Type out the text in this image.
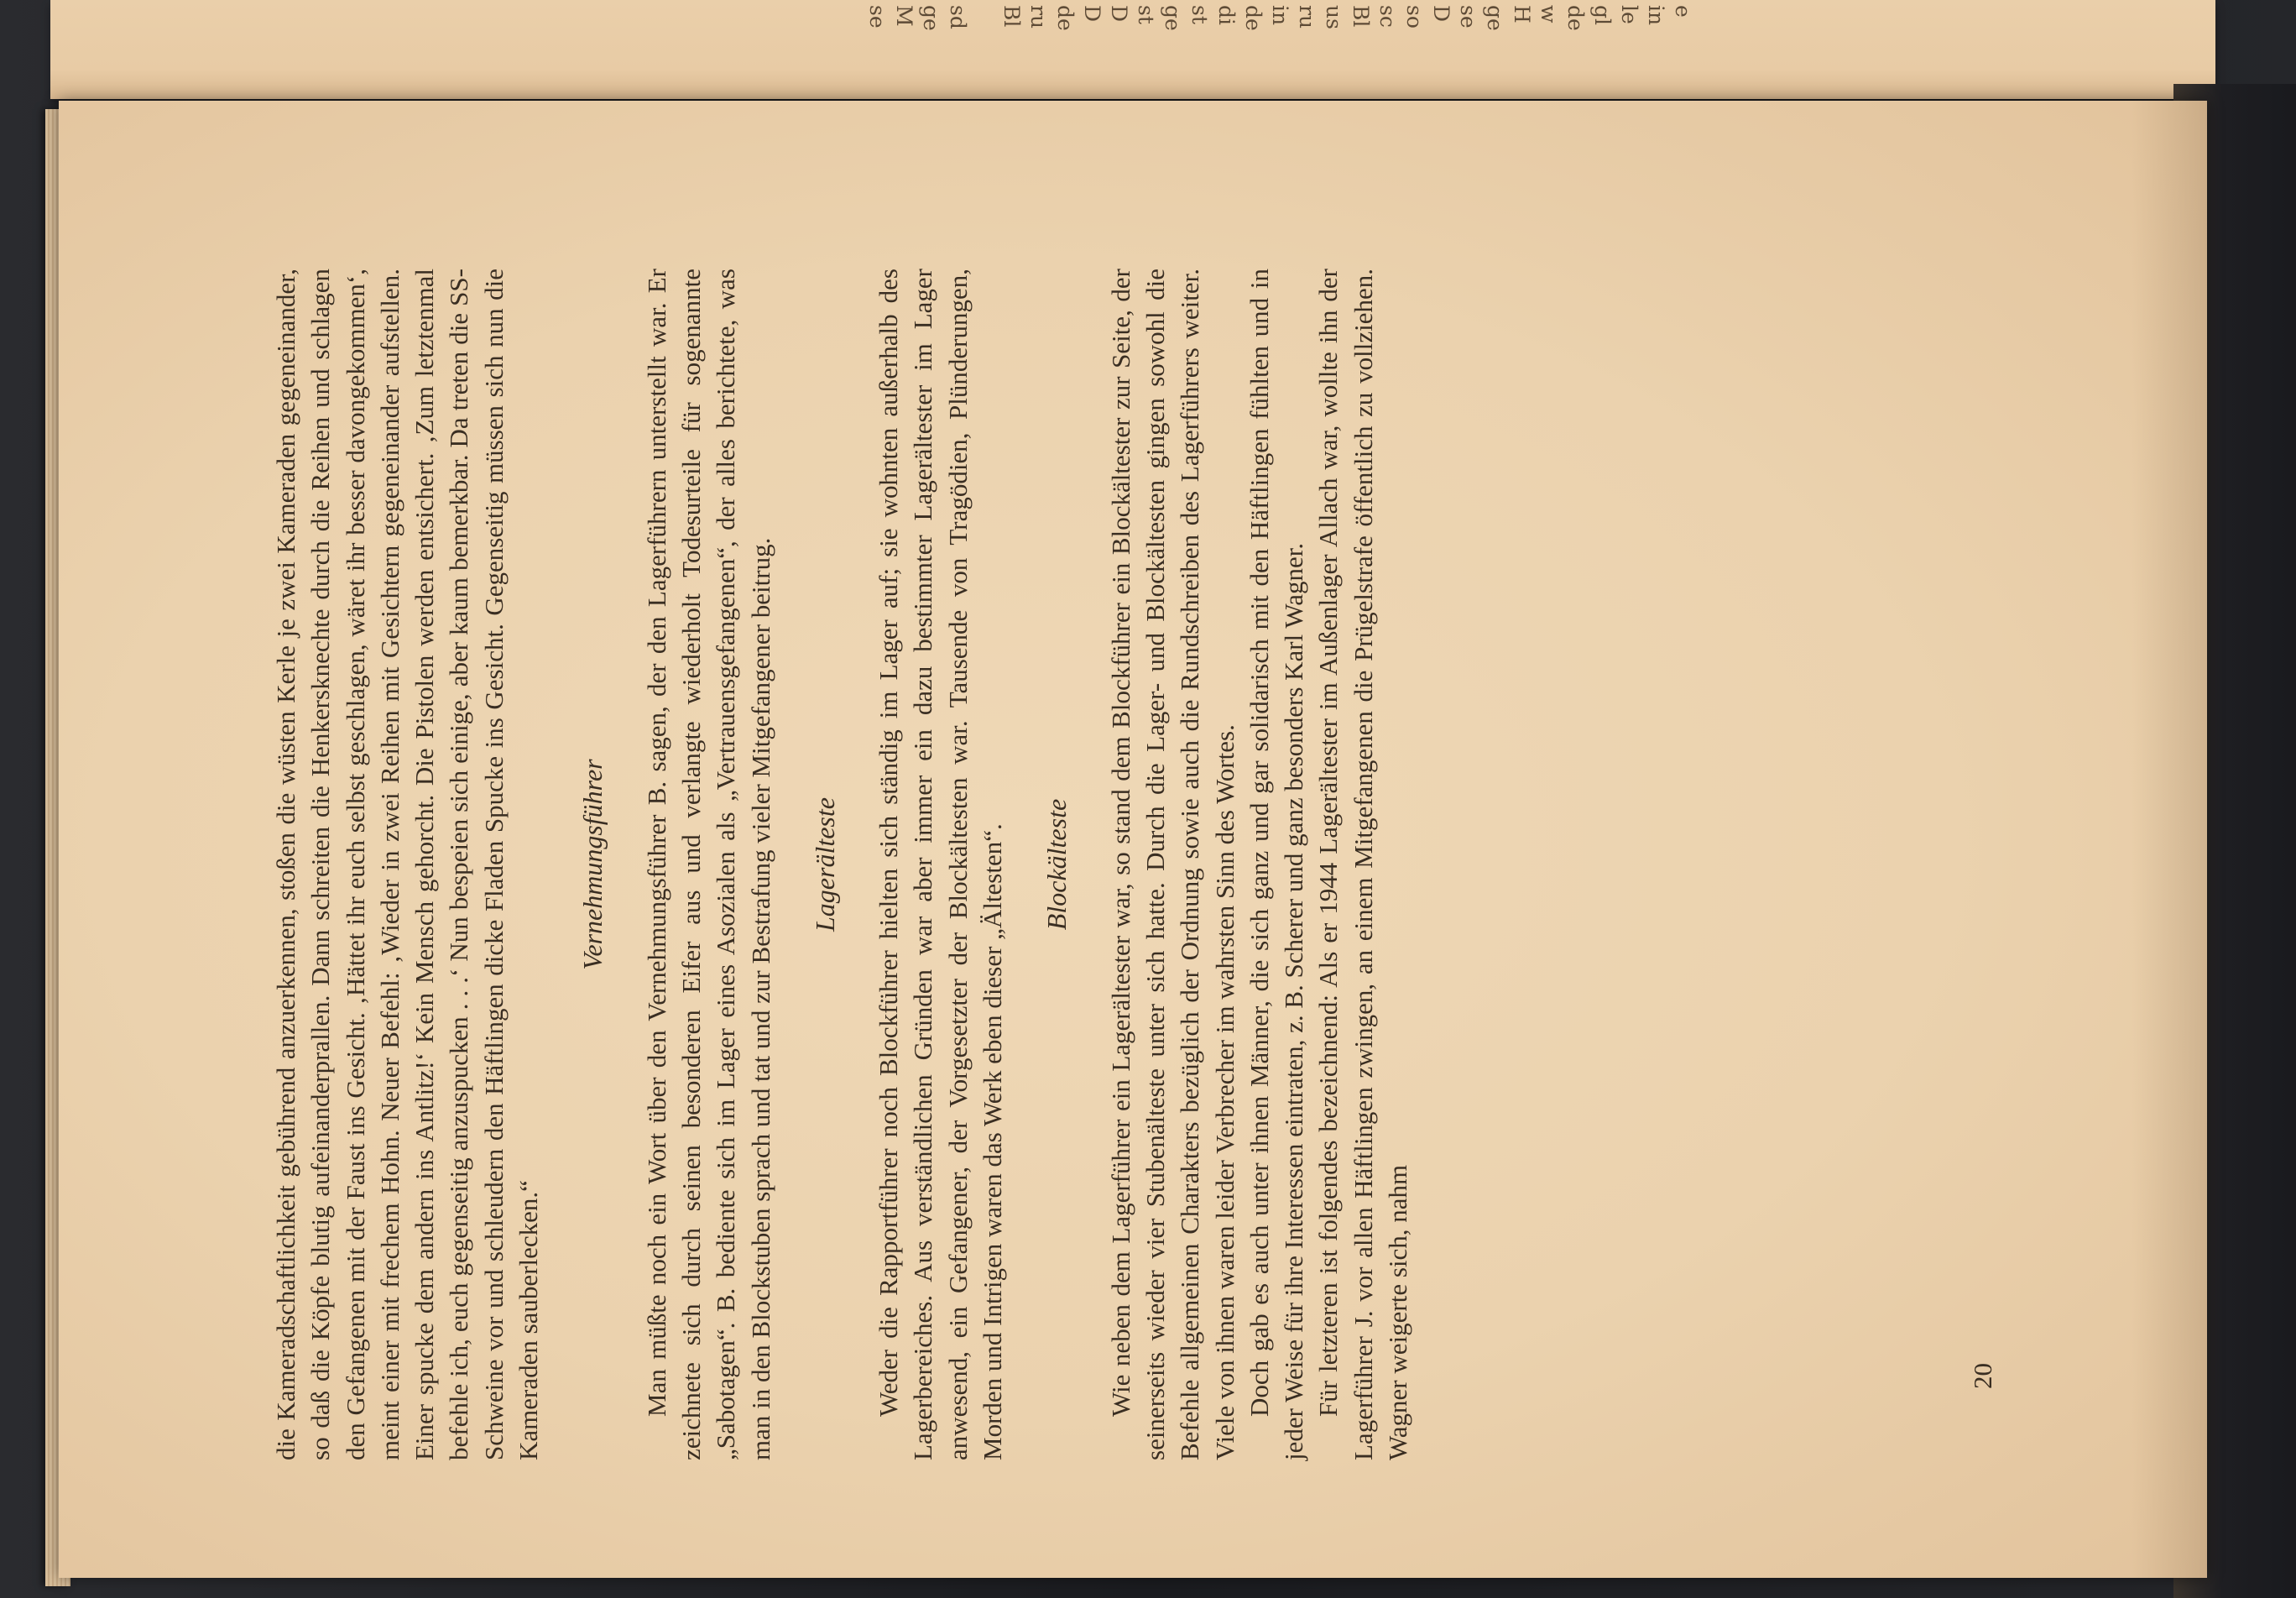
se M ge sd Bl ru de D D st ge st di de in ru us Bl sc so D se ge H w de gl le in e

die Kameradschaftlichkeit gebührend anzuerkennen, stoßen die wüsten Kerle je zwei Kameraden gegeneinander, so daß die Köpfe blutig aufeinanderprallen. Dann schreiten die Henkersknechte durch die Reihen und schlagen den Gefangenen mit der Faust ins Gesicht. ‚Hättet ihr euch selbst geschlagen, wäret ihr besser davongekommen‘, meint einer mit frechem Hohn. Neuer Befehl: ‚Wieder in zwei Reihen mit Gesichtern gegeneinander aufstellen. Einer spucke dem andern ins Antlitz!‘ Kein Mensch gehorcht. Die Pistolen werden entsichert. ‚Zum letztenmal befehle ich, euch gegenseitig anzuspucken . . .‘ Nun bespeien sich einige, aber kaum bemerkbar. Da treten die SS-Schweine vor und schleudern den Häftlingen dicke Fladen Spucke ins Gesicht. Gegenseitig müssen sich nun die Kameraden sauberlecken.“

Vernehmungsführer Man müßte noch ein Wort über den Vernehmungsführer B. sagen, der den Lagerführern unterstellt war. Er zeichnete sich durch seinen besonderen Eifer aus und verlangte wiederholt Todesurteile für sogenannte „Sabotagen“. B. bediente sich im Lager eines Asozialen als „Vertrauensgefangenen“, der alles berichtete, was man in den Blockstuben sprach und tat und zur Bestrafung vieler Mitgefangener beitrug. Lagerälteste Weder die Rapportführer noch Blockführer hielten sich ständig im Lager auf; sie wohnten außerhalb des Lagerbereiches. Aus verständlichen Gründen war aber immer ein dazu bestimmter Lagerältester im Lager anwesend, ein Gefangener, der Vorgesetzter der Blockältesten war. Tausende von Tragödien, Plünderungen, Morden und Intrigen waren das Werk eben dieser „Ältesten“. Blockälteste Wie neben dem Lagerführer ein Lagerältester war, so stand dem Blockführer ein Blockältester zur Seite, der seinerseits wieder vier Stubenälteste unter sich hatte. Durch die Lager- und Blockältesten gingen sowohl die Befehle allgemeinen Charakters bezüglich der Ordnung sowie auch die Rundschreiben des Lagerführers weiter. Viele von ihnen waren leider Verbrecher im wahrsten Sinn des Wortes. Doch gab es auch unter ihnen Männer, die sich ganz und gar solidarisch mit den Häftlingen fühlten und in jeder Weise für ihre Interessen eintraten, z. B. Scherer und ganz besonders Karl Wagner. Für letzteren ist folgendes bezeichnend: Als er 1944 Lagerältester im Außenlager Allach war, wollte ihn der Lagerführer J. vor allen Häftlingen zwingen, an einem Mitgefangenen die Prügelstrafe öffentlich zu vollziehen. Wagner weigerte sich, nahm	20
